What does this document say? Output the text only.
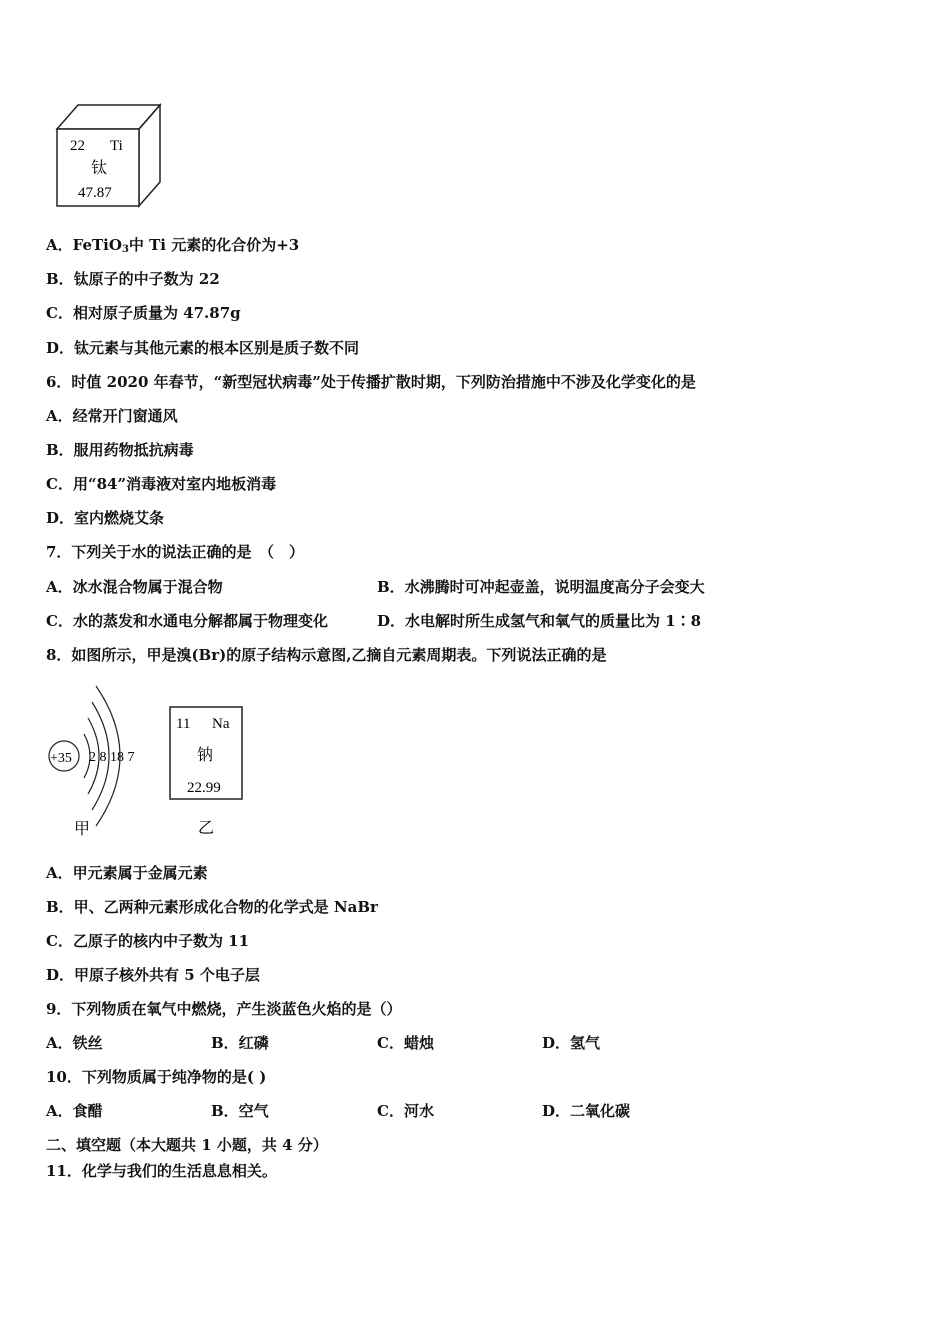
22 Ti
钛
47.87
A．FeTiO$_3$中 Ti 元素的化合价为+3
B．钛原子的中子数为 22
C．相对原子质量为 47.87g
D．钛元素与其他元素的根本区别是质子数不同
6．时值 2020 年春节，“新型冠状病毒”处于传播扩散时期，下列防治措施中不涉及化学变化的是
A．经常开门窗通风
B．服用药物抵抗病毒
C．用“84”消毒液对室内地板消毒
D．室内燃烧艾条
7．下列关于水的说法正确的是　（　）
A．冰水混合物属于混合物	B．水沸腾时可冲起壶盖，说明温度高分子会变大
C．水的蒸发和水通电分解都属于物理变化	D．水电解时所生成氢气和氧气的质量比为 1∶8
8．如图所示，甲是溴(Br)的原子结构示意图,乙摘自元素周期表。下列说法正确的是
+35 2 8 18 7
甲
11 Na
钠
22.99
乙
A．甲元素属于金属元素
B．甲、乙两种元素形成化合物的化学式是 NaBr
C．乙原子的核内中子数为 11
D．甲原子核外共有 5 个电子层
9．下列物质在氧气中燃烧，产生淡蓝色火焰的是（）
A．铁丝	B．红磷	C．蜡烛	D．氢气
10．下列物质属于纯净物的是( )
A．食醋	B．空气	C．河水	D．二氧化碳
二、填空题（本大题共 1 小题，共 4 分）
11．化学与我们的生活息息相关。
